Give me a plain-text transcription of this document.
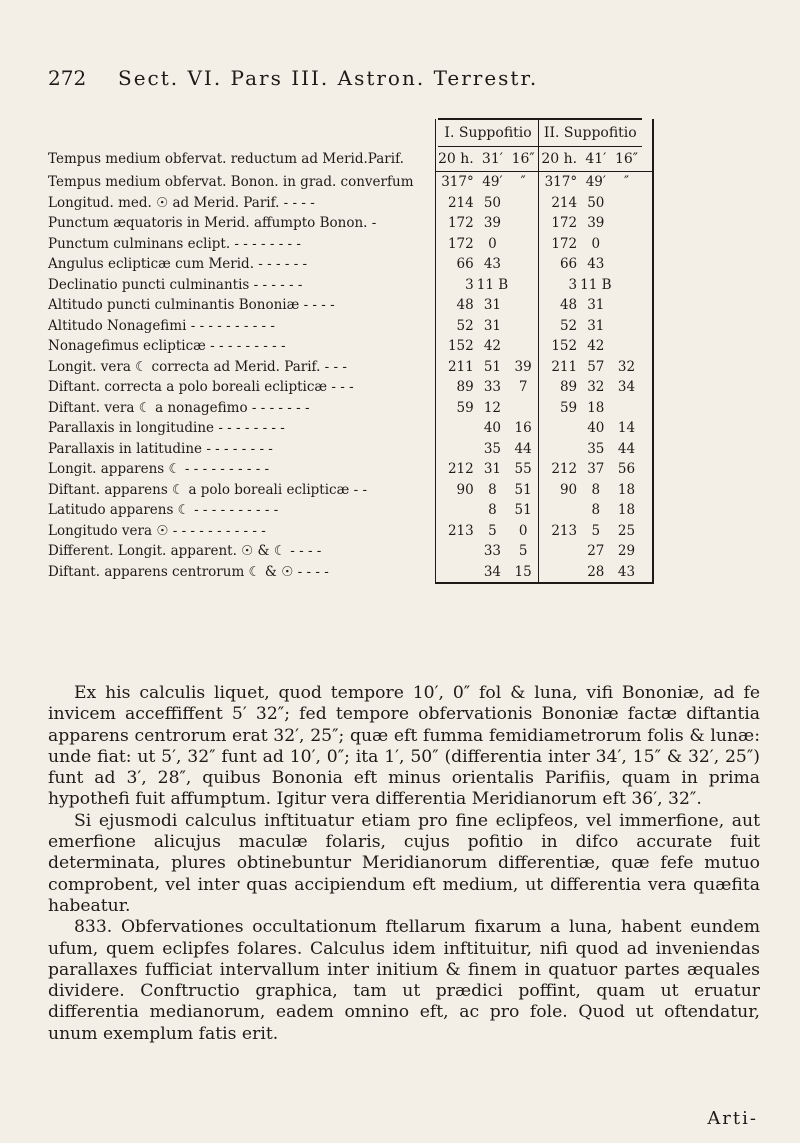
272 Sect. VI. Pars III. Astron. Terrestr.
		I. Suppofitio			II. Suppofitio			
Tempus medium obfervat. reductum ad Merid.Parif.		20 h.	31′	16″		20 h.	41′	16″	
Tempus medium obfervat. Bonon. in grad. converfum		317°	49′	″		317°	49′	″	
Longitud. med. ☉ ad Merid. Parif. - - - -		214	50			214	50		
Punctum æquatoris in Merid. affumpto Bonon. -		172	39			172	39		
Punctum culminans eclipt. - - - - - - - -		172	0			172	0		
Angulus eclipticæ cum Merid. - - - - - -		66	43			66	43		
Declinatio puncti culminantis - - - - - -		3	11 B			3	11 B		
Altitudo puncti culminantis Bononiæ - - - -		48	31			48	31		
Altitudo Nonagefimi - - - - - - - - - -		52	31			52	31		
Nonagefimus eclipticæ - - - - - - - - -		152	42			152	42		
Longit. vera ☾ correcta ad Merid. Parif. - - -		211	51	39		211	57	32	
Diftant. correcta a polo boreali eclipticæ - - -		89	33	7		89	32	34	
Diftant. vera ☾ a nonagefimo - - - - - - -		59	12			59	18		
Parallaxis in longitudine - - - - - - - -			40	16			40	14	
Parallaxis in latitudine - - - - - - - -			35	44			35	44	
Longit. apparens ☾ - - - - - - - - - -		212	31	55		212	37	56	
Diftant. apparens ☾ a polo boreali eclipticæ - -		90	8	51		90	8	18	
Latitudo apparens ☾ - - - - - - - - - -			8	51			8	18	
Longitudo vera ☉ - - - - - - - - - - -		213	5	0		213	5	25	
Different. Longit. apparent. ☉ & ☾ - - - -			33	5			27	29	
Diftant. apparens centrorum ☾ & ☉ - - - -			34	15			28	43	

Ex his calculis liquet, quod tempore 10′, 0″ fol & luna, vifi Bononiæ, ad fe invicem acceffiffent 5′ 32″; fed tempore obfervationis Bononiæ factæ diftantia apparens centrorum erat 32′, 25″; quæ eft fumma femidiametrorum folis & lunæ: unde fiat: ut 5′, 32″ funt ad 10′, 0″; ita 1′, 50″ (differentia inter 34′, 15″ & 32′, 25″) funt ad 3′, 28″, quibus Bononia eft minus orientalis Parifiis, quam in prima hypothefi fuit affumptum. Igitur vera differentia Meridianorum eft 36′, 32″.

Si ejusmodi calculus inftituatur etiam pro fine eclipfeos, vel immerfione, aut emerfione alicujus maculæ folaris, cujus pofitio in difco accurate fuit determinata, plures obtinebuntur Meridianorum differentiæ, quæ fefe mutuo comprobent, vel inter quas accipiendum eft medium, ut differentia vera quæfita habeatur.

833. Obfervationes occultationum ftellarum fixarum a luna, habent eundem ufum, quem eclipfes folares. Calculus idem inftituitur, nifi quod ad inveniendas parallaxes fufficiat intervallum inter initium & finem in quatuor partes æquales dividere. Conftructio graphica, tam ut prædici poffint, quam ut eruatur differentia medianorum, eadem omnino eft, ac pro fole. Quod ut oftendatur, unum exemplum fatis erit.

Arti-
